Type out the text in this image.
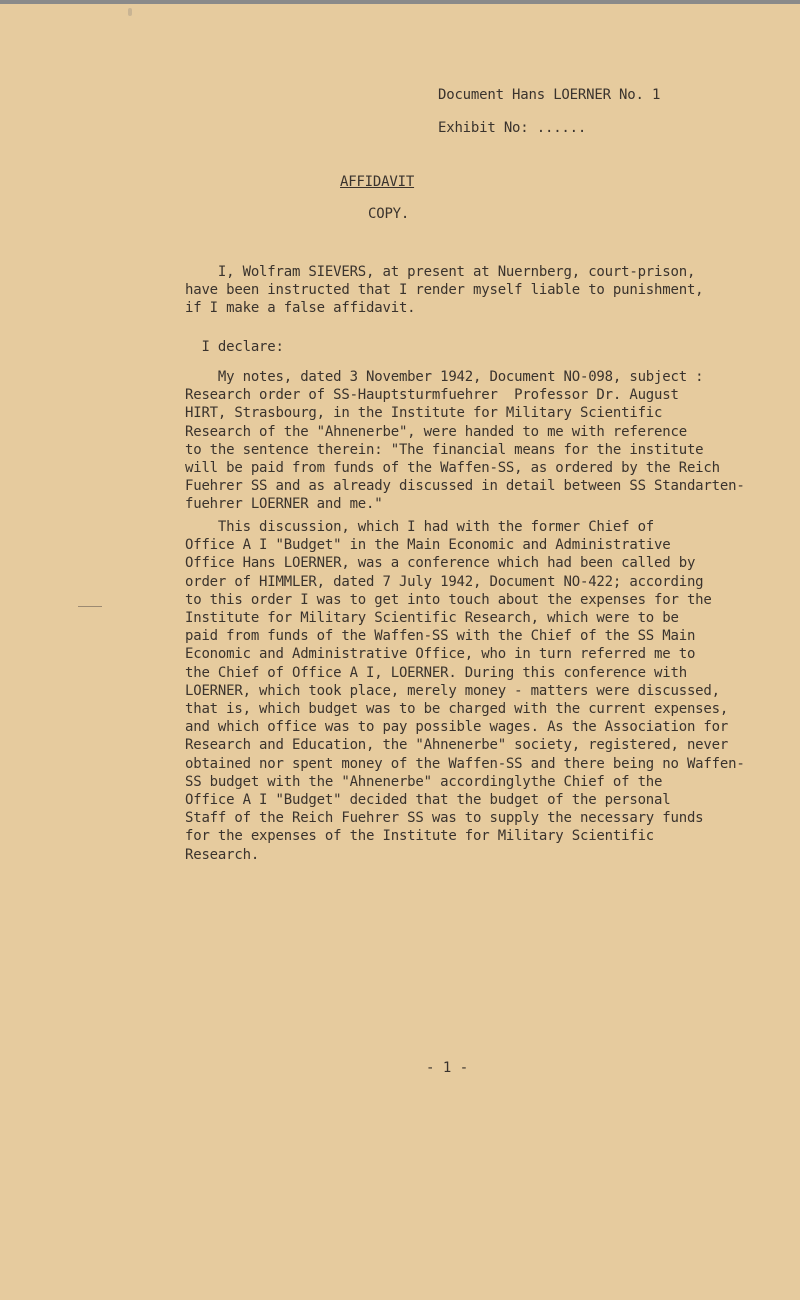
Document Hans LOERNER No. 1

Exhibit No: ......

AFFIDAVIT

COPY.

I, Wolfram SIEVERS, at present at Nuernberg, court-prison,
have been instructed that I render myself liable to punishment,
if I make a false affidavit.

I declare:

My notes, dated 3 November 1942, Document NO-098, subject :
Research order of SS-Hauptsturmfuehrer  Professor Dr. August
HIRT, Strasbourg, in the Institute for Military Scientific
Research of the "Ahnenerbe", were handed to me with reference
to the sentence therein: "The financial means for the institute
will be paid from funds of the Waffen-SS, as ordered by the Reich
Fuehrer SS and as already discussed in detail between SS Standarten-
fuehrer LOERNER and me."

This discussion, which I had with the former Chief of
Office A I "Budget" in the Main Economic and Administrative
Office Hans LOERNER, was a conference which had been called by
order of HIMMLER, dated 7 July 1942, Document NO-422; according
to this order I was to get into touch about the expenses for the
Institute for Military Scientific Research, which were to be
paid from funds of the Waffen-SS with the Chief of the SS Main
Economic and Administrative Office, who in turn referred me to
the Chief of Office A I, LOERNER. During this conference with
LOERNER, which took place, merely money - matters were discussed,
that is, which budget was to be charged with the current expenses,
and which office was to pay possible wages. As the Association for
Research and Education, the "Ahnenerbe" society, registered, never
obtained nor spent money of the Waffen-SS and there being no Waffen-
SS budget with the "Ahnenerbe" accordinglythe Chief of the
Office A I "Budget" decided that the budget of the personal
Staff of the Reich Fuehrer SS was to supply the necessary funds
for the expenses of the Institute for Military Scientific
Research.

- 1 -
